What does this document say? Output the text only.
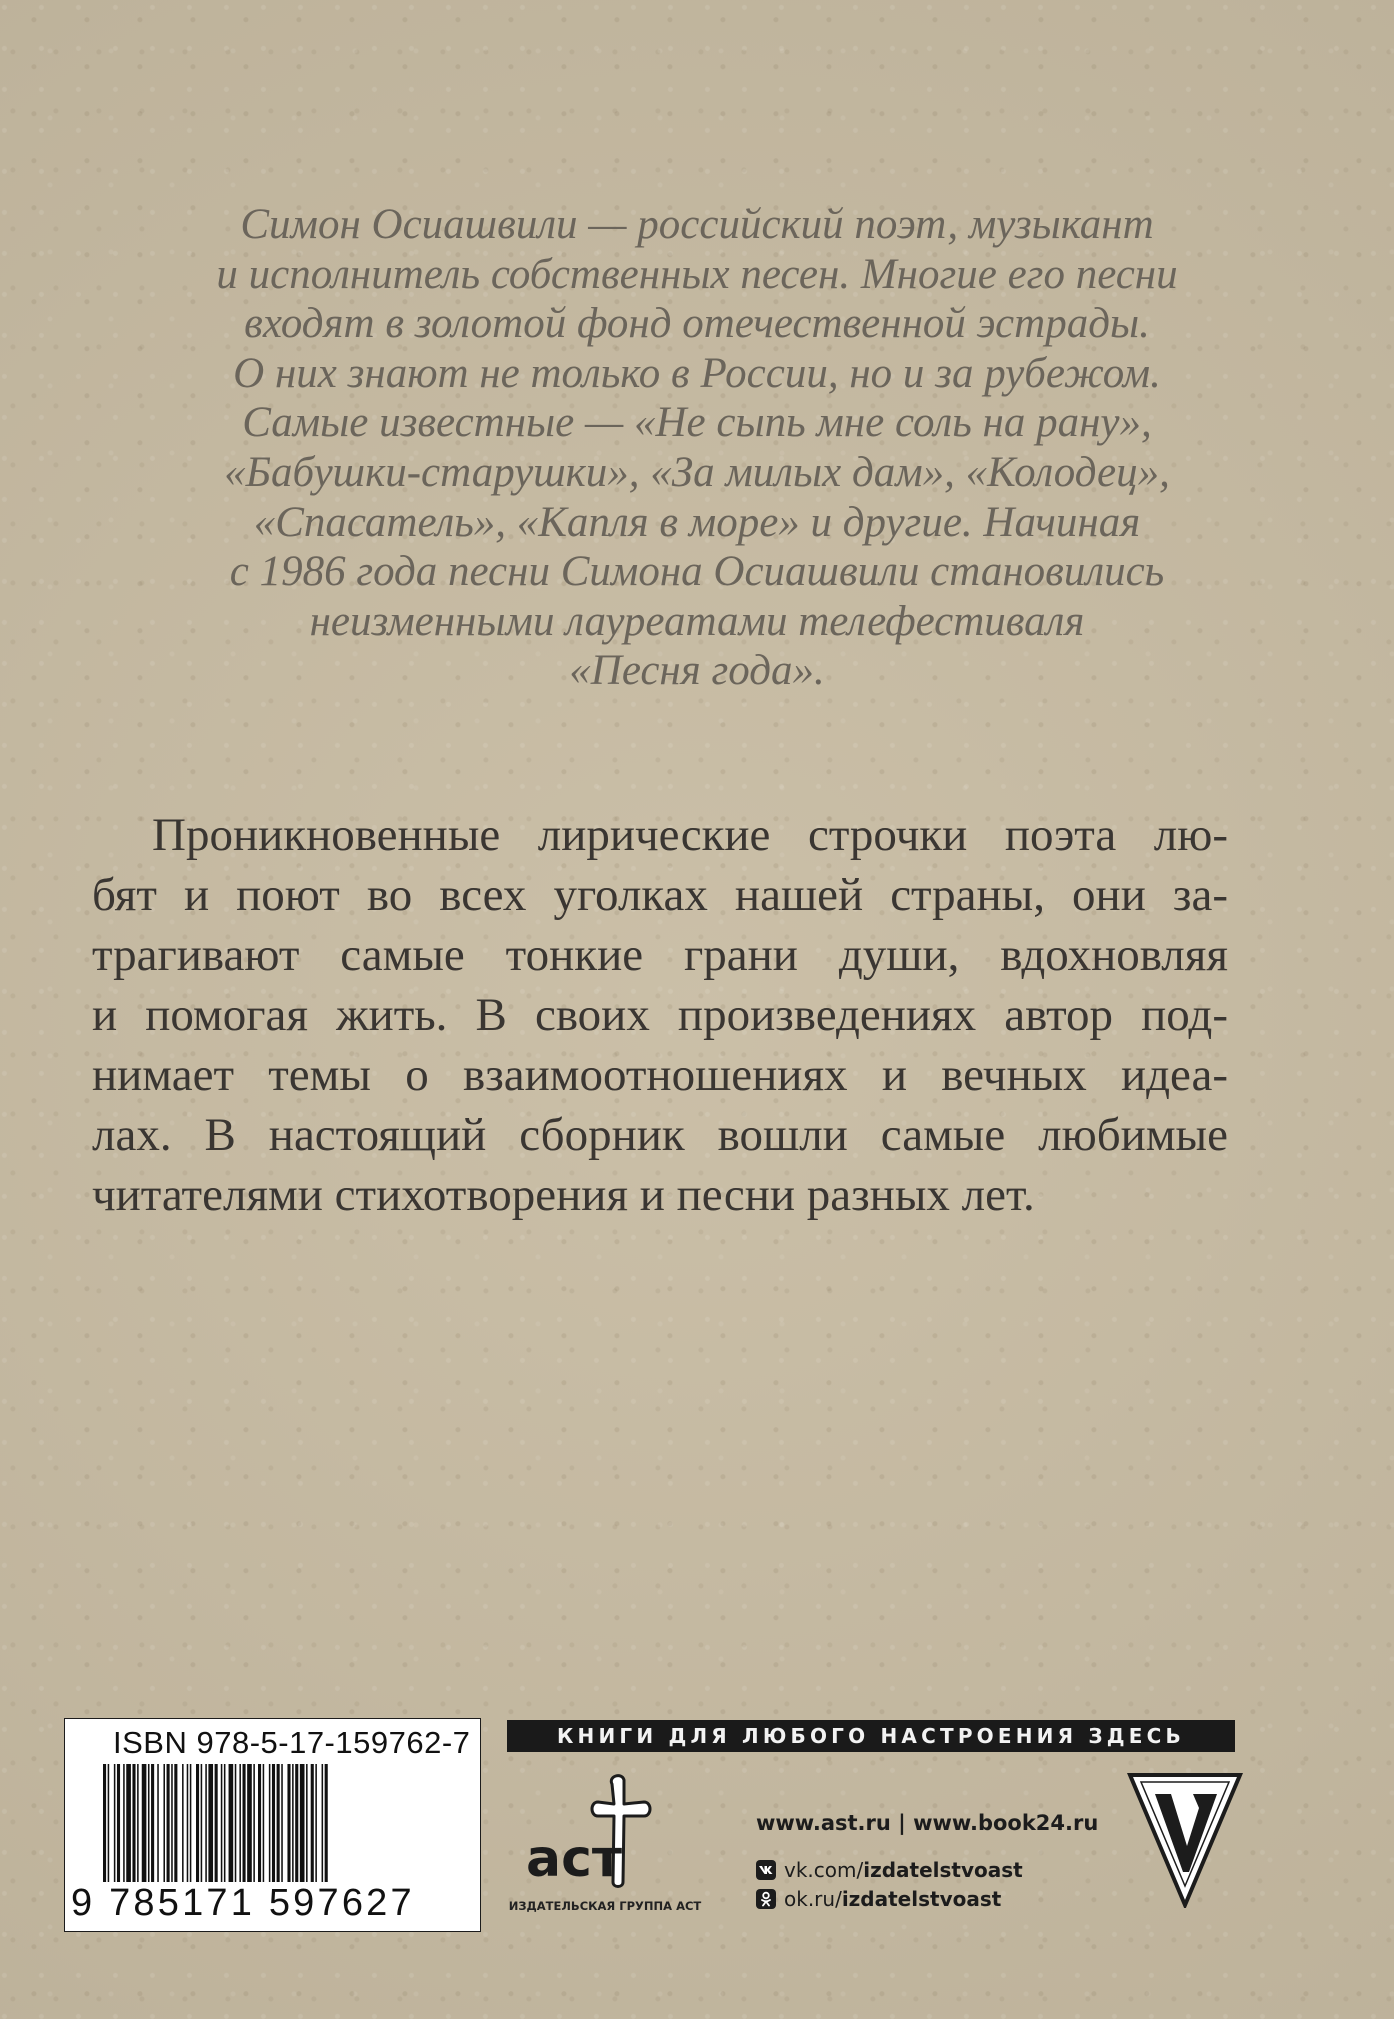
Симон Осиашвили — российский поэт, музыкант
и исполнитель собственных песен. Многие его песни
входят в золотой фонд отечественной эстрады.
О них знают не только в России, но и за рубежом.
Самые известные — «Не сыпь мне соль на рану»,
«Бабушки-старушки», «За милых дам», «Колодец»,
«Спасатель», «Капля в море» и другие. Начиная
с 1986 года песни Симона Осиашвили становились
неизменными лауреатами телефестиваля
«Песня года».
Проникновенные лирические строчки поэта лю-
бят и поют во всех уголках нашей страны, они за-
трагивают самые тонкие грани души, вдохновляя
и помогая жить. В своих произведениях автор под-
нимает темы о взаимоотношениях и вечных идеа-
лах. В настоящий сборник вошли самые любимые
читателями стихотворения и песни разных лет.
ISBN 978-5-17-159762-7
9 785171 597627
КНИГИ ДЛЯ ЛЮБОГО НАСТРОЕНИЯ ЗДЕСЬ
аст
ИЗДАТЕЛЬСКАЯ ГРУППА АСТ
www.ast.ru | www.book24.ru
vk.com/ izdatelstvoast
ok.ru/ izdatelstvoast
